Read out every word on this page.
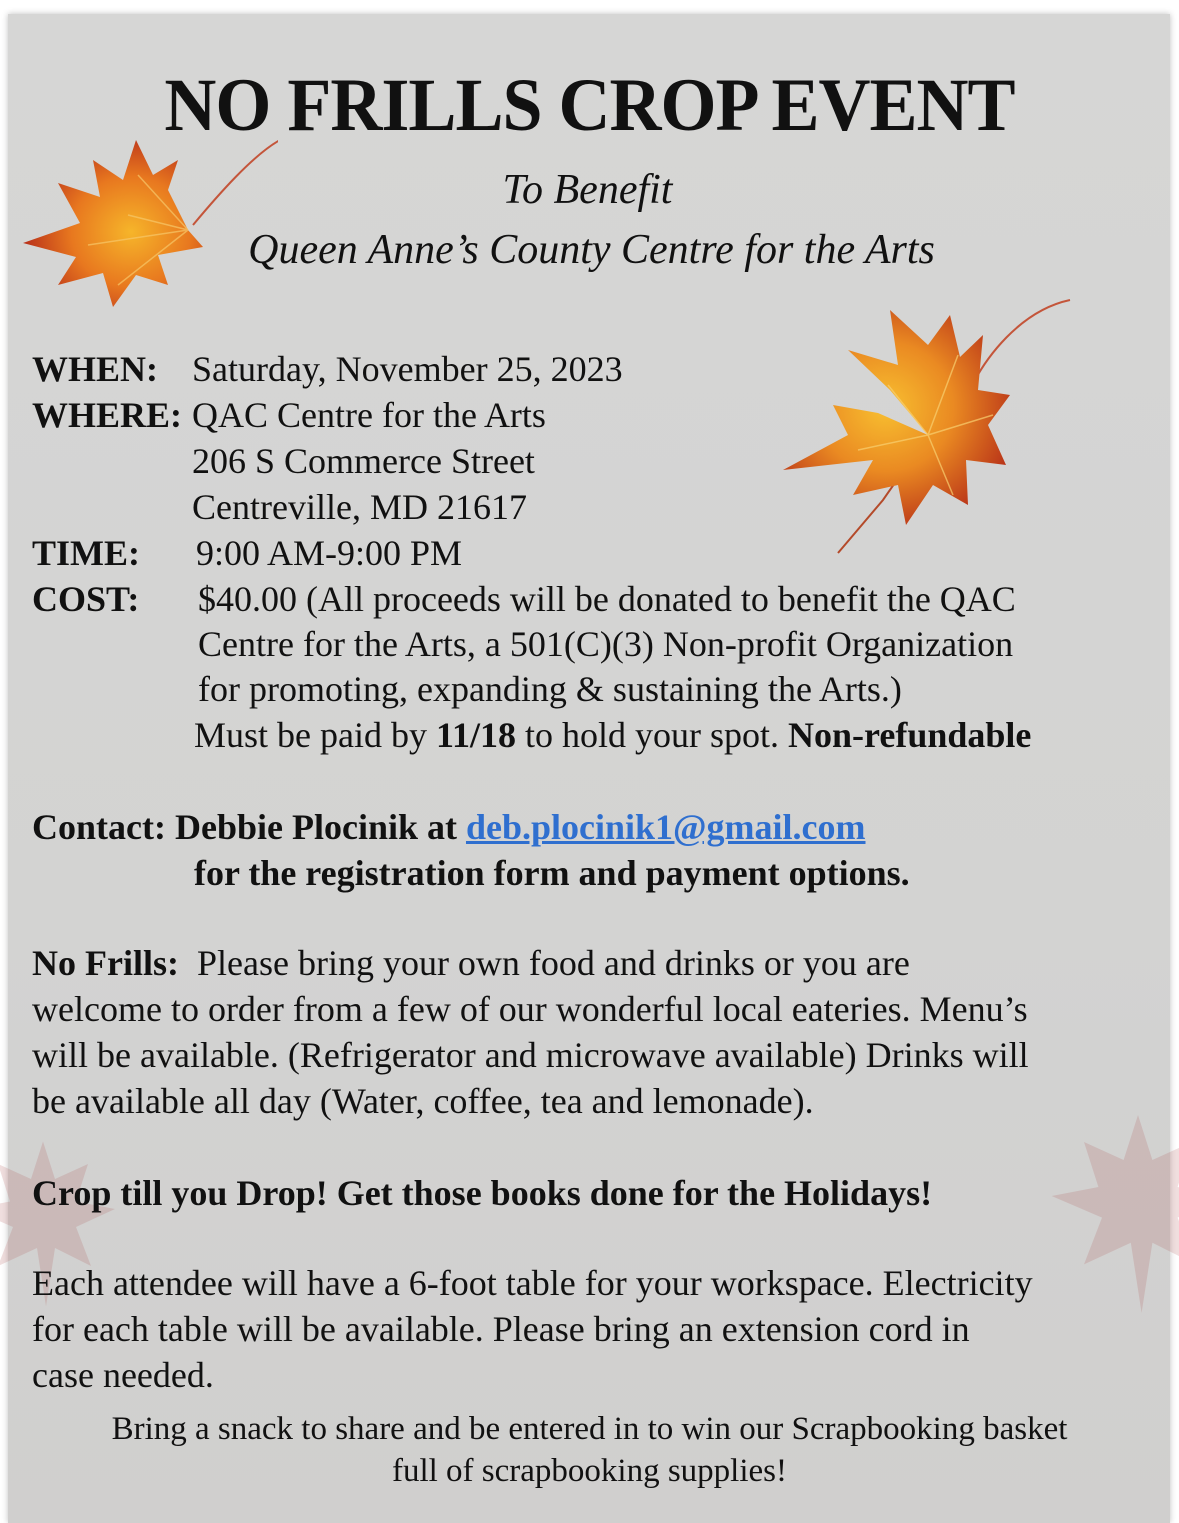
NO FRILLS CROP EVENT
To Benefit
Queen Anne’s County Centre for the Arts
WHEN: Saturday, November 25, 2023
WHERE: QAC Centre for the Arts
206 S Commerce Street
Centreville, MD 21617
TIME: 9:00 AM-9:00 PM
COST: $40.00 (All proceeds will be donated to benefit the QAC
Centre for the Arts, a 501(C)(3) Non-profit Organization
for promoting, expanding & sustaining the Arts.)
Must be paid by 11/18 to hold your spot. Non-refundable
Contact: Debbie Plocinik at deb.plocinik1@gmail.com
for the registration form and payment options.
No Frills: Please bring your own food and drinks or you are
welcome to order from a few of our wonderful local eateries. Menu’s
will be available. (Refrigerator and microwave available) Drinks will
be available all day (Water, coffee, tea and lemonade).
Crop till you Drop! Get those books done for the Holidays!
Each attendee will have a 6-foot table for your workspace. Electricity
for each table will be available. Please bring an extension cord in
case needed.
Bring a snack to share and be entered in to win our Scrapbooking basket
full of scrapbooking supplies!
